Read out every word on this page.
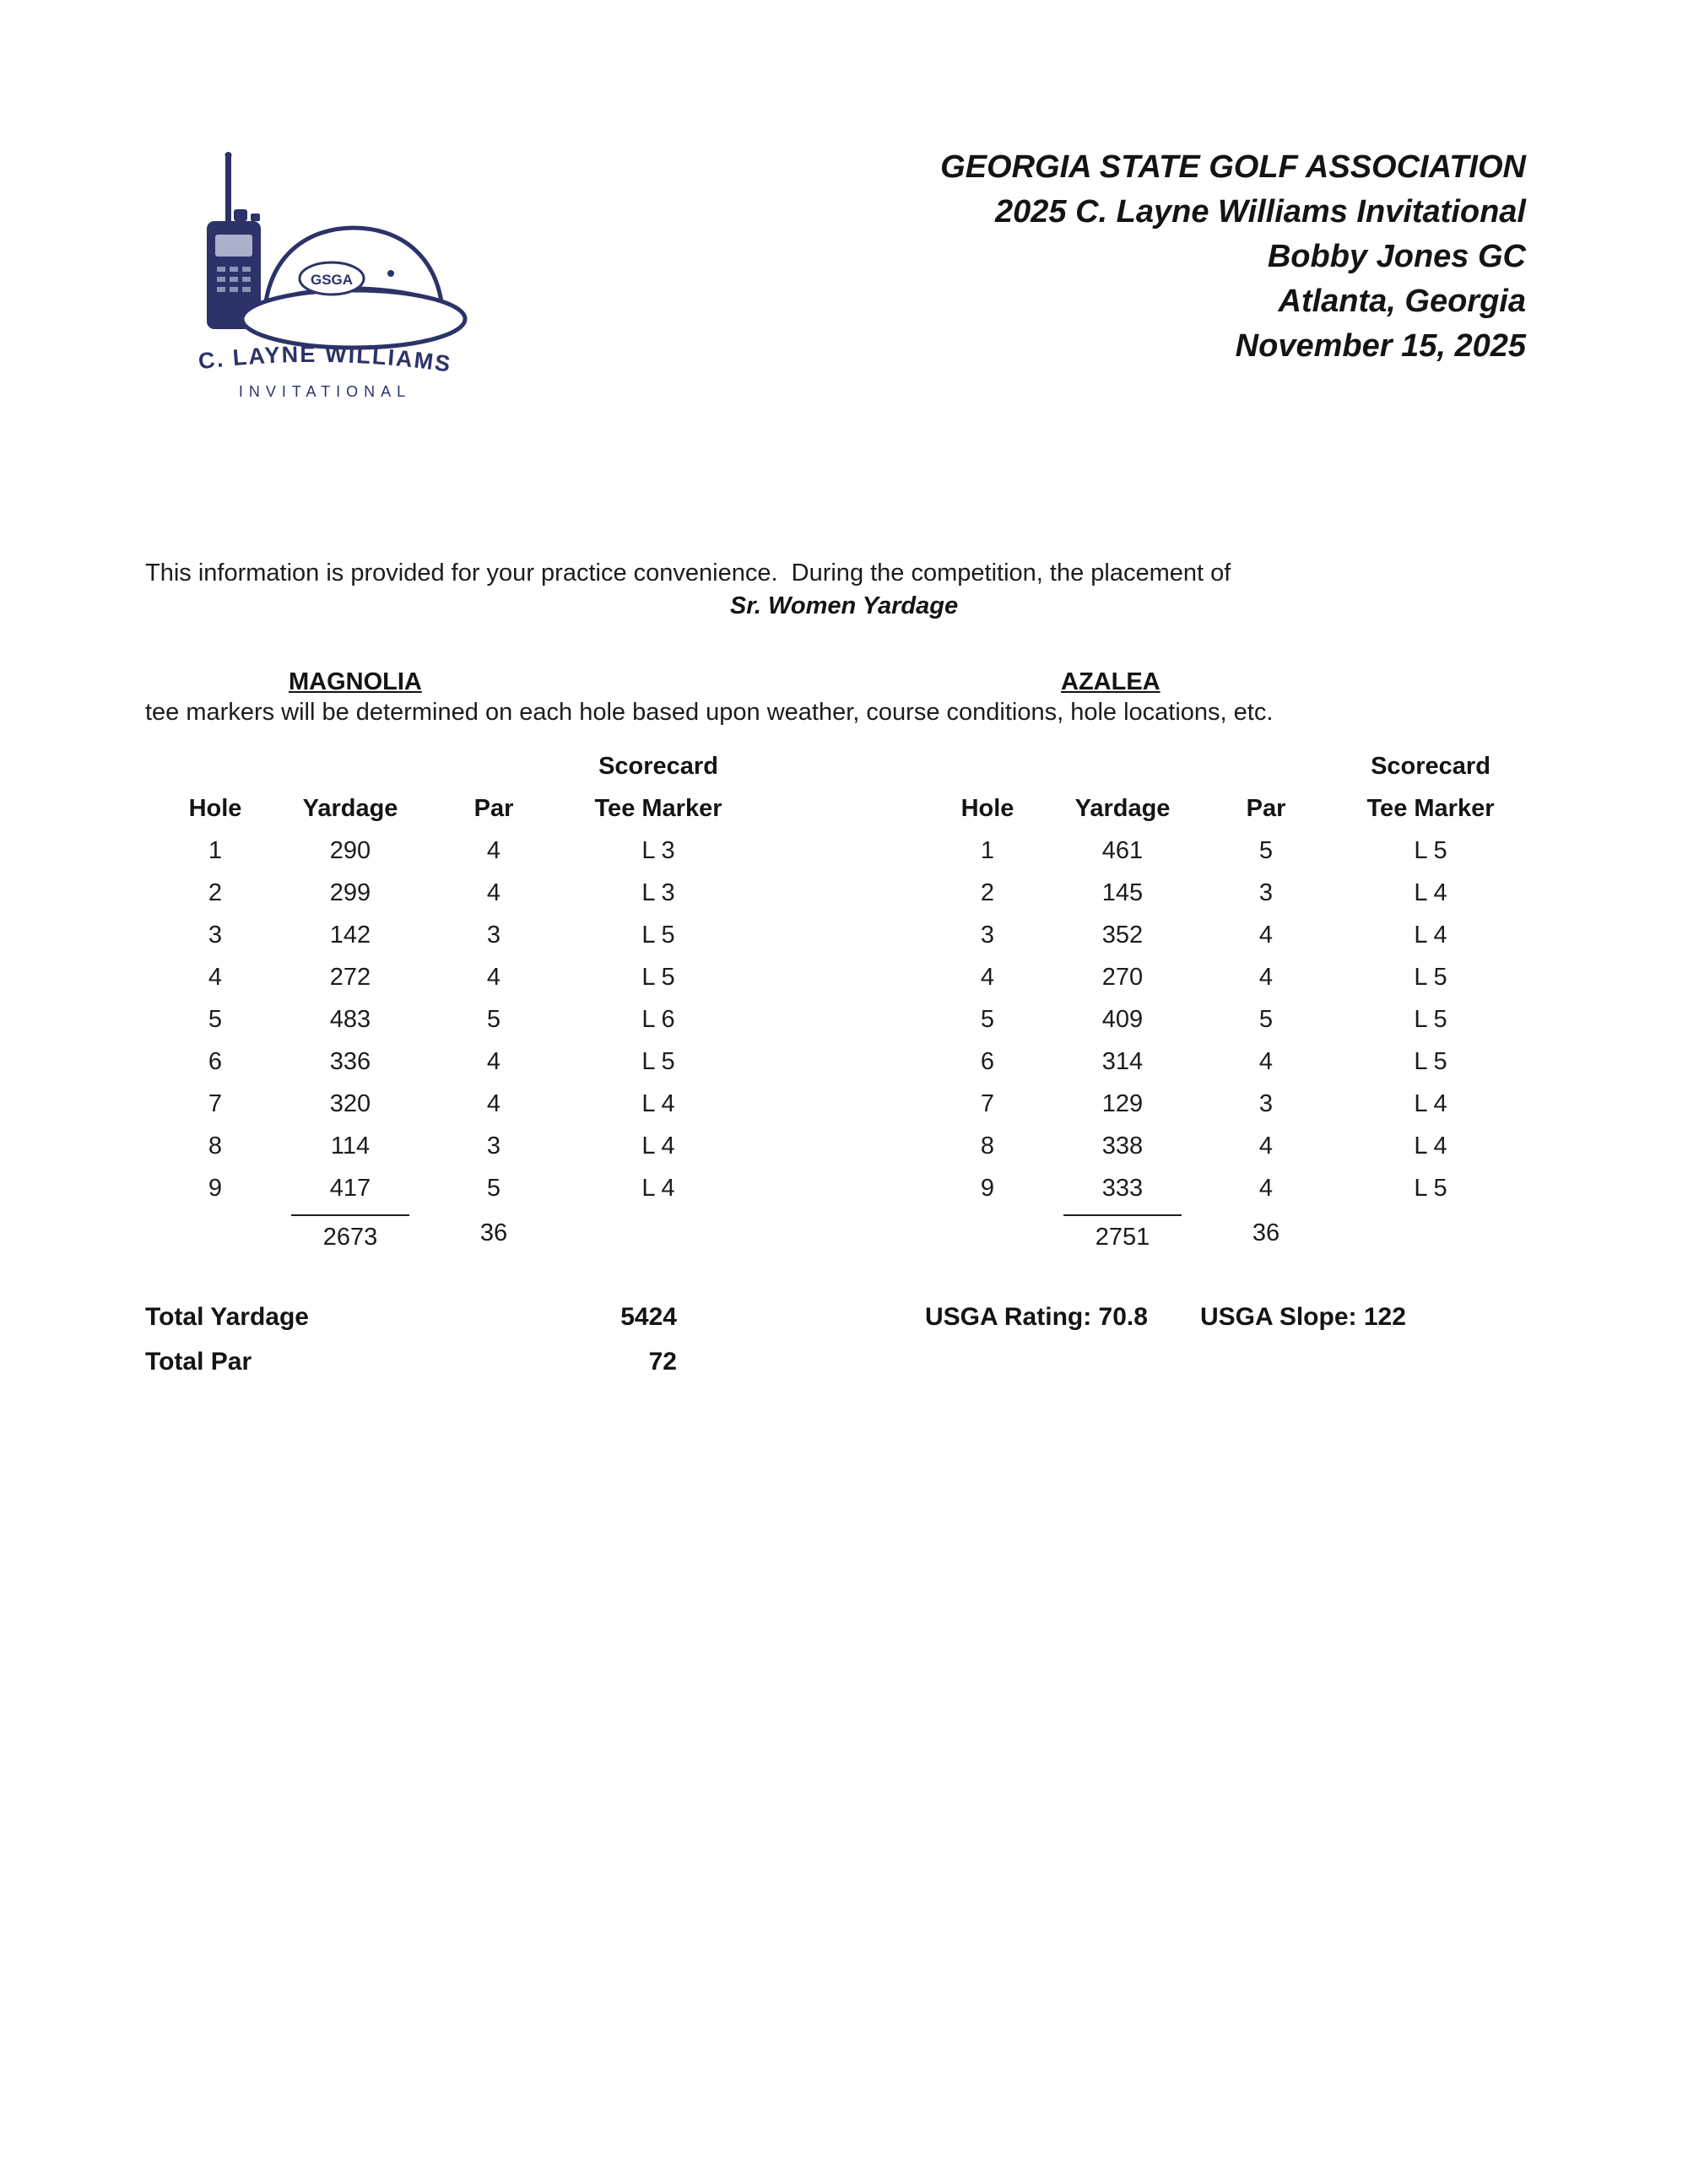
GSGA
C. LAYNE WILLIAMS
INVITATIONAL
GEORGIA STATE GOLF ASSOCIATION
2025 C. Layne Williams Invitational
Bobby Jones GC
Atlanta, Georgia
November 15, 2025

This information is provided for your practice convenience.  During the competition, the placement of

tee markers will be determined on each hole based upon weather, course conditions, hole locations, etc.

Sr. Women Yardage
MAGNOLIA
Hole	Yardage	Par	Scorecard
Tee Marker

1	290	4	L 3
2	299	4	L 3
3	142	3	L 5
4	272	4	L 5
5	483	5	L 6
6	336	4	L 5
7	320	4	L 4
8	114	3	L 4
9	417	5	L 4
	2673	36	
AZALEA
Hole	Yardage	Par	Scorecard
Tee Marker

1	461	5	L 5
2	145	3	L 4
3	352	4	L 4
4	270	4	L 5
5	409	5	L 5
6	314	4	L 5
7	129	3	L 4
8	338	4	L 4
9	333	4	L 5
	2751	36	
Total Yardage	5424	USGA Rating: 70.8 USGA Slope: 122
Total Par	72
